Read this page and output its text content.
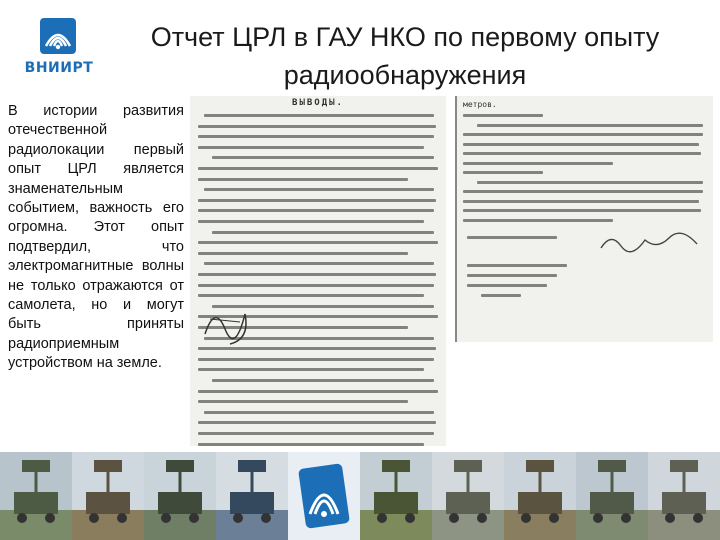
ВНИИРТ
Отчет ЦРЛ в ГАУ НКО по первому опыту
радиообнаружения
В истории развития отечественной радиолокации первый опыт ЦРЛ является знаменательным событием, важность его огромна. Этот опыт подтвердил, что электромагнитные волны не только отражаются от самолета, но и могут быть приняты радиоприемным устройством на земле.
ВЫВОДЫ.	метров.
